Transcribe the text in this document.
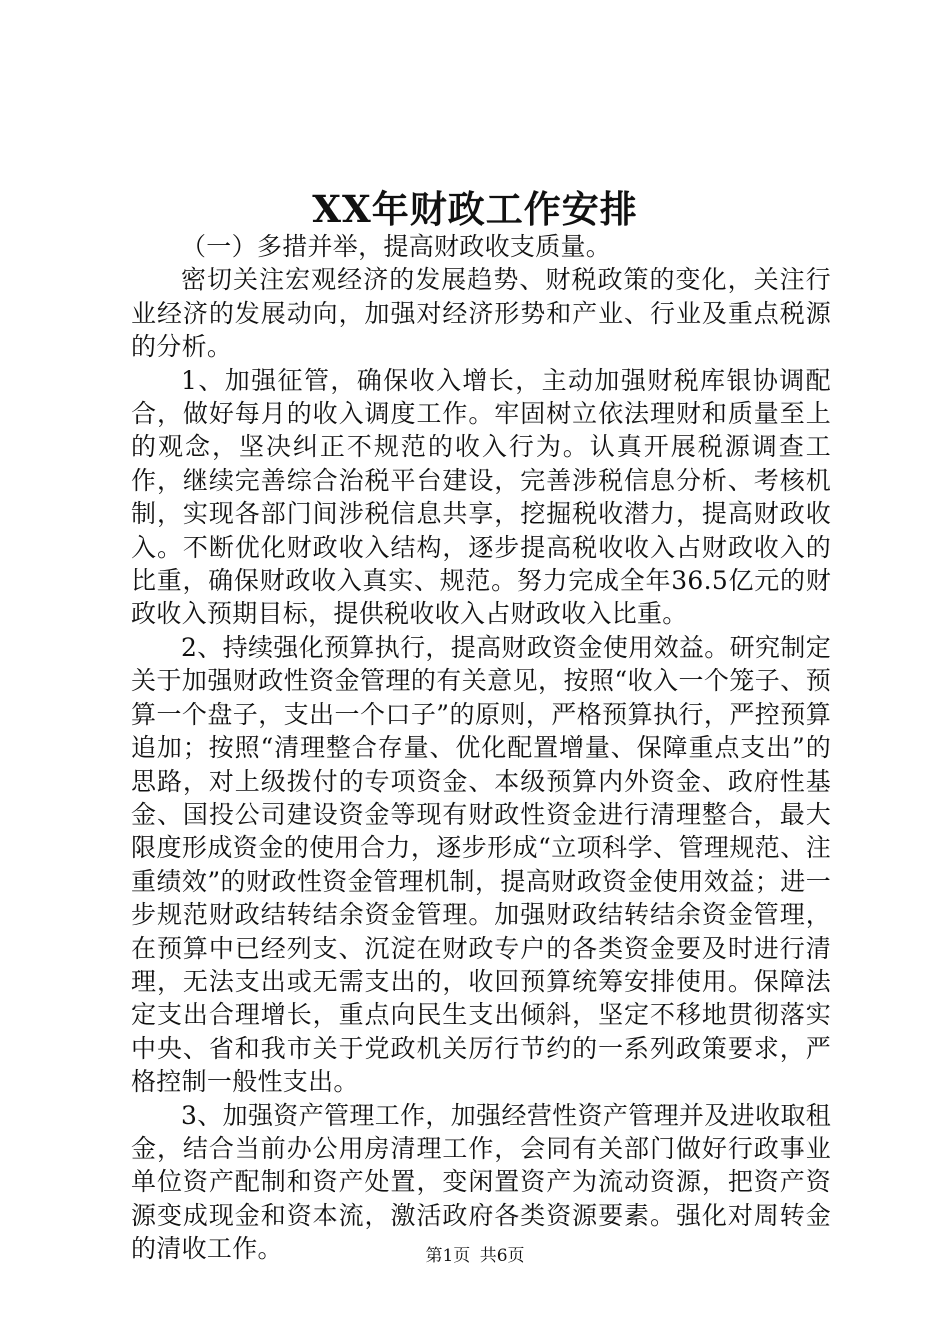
XX年财政工作安排

（一）多措并举，提高财政收支质量。

密切关注宏观经济的发展趋势、财税政策的变化，关注行业经济的发展动向，加强对经济形势和产业、行业及重点税源的分析。

1、加强征管，确保收入增长，主动加强财税库银协调配合，做好每月的收入调度工作。牢固树立依法理财和质量至上的观念，坚决纠正不规范的收入行为。认真开展税源调查工作，继续完善综合治税平台建设，完善涉税信息分析、考核机制，实现各部门间涉税信息共享，挖掘税收潜力，提高财政收入。不断优化财政收入结构，逐步提高税收收入占财政收入的比重，确保财政收入真实、规范。努力完成全年36.5亿元的财政收入预期目标，提供税收收入占财政收入比重。

2、持续强化预算执行，提高财政资金使用效益。研究制定关于加强财政性资金管理的有关意见，按照“收入一个笼子、预算一个盘子，支出一个口子”的原则，严格预算执行，严控预算追加；按照“清理整合存量、优化配置增量、保障重点支出”的思路，对上级拨付的专项资金、本级预算内外资金、政府性基金、国投公司建设资金等现有财政性资金进行清理整合，最大限度形成资金的使用合力，逐步形成“立项科学、管理规范、注重绩效”的财政性资金管理机制，提高财政资金使用效益；进一步规范财政结转结余资金管理。加强财政结转结余资金管理，在预算中已经列支、沉淀在财政专户的各类资金要及时进行清理，无法支出或无需支出的，收回预算统筹安排使用。保障法定支出合理增长，重点向民生支出倾斜，坚定不移地贯彻落实中央、省和我市关于党政机关厉行节约的一系列政策要求，严格控制一般性支出。

3、加强资产管理工作，加强经营性资产管理并及进收取租金，结合当前办公用房清理工作，会同有关部门做好行政事业单位资产配制和资产处置，变闲置资产为流动资源，把资产资源变成现金和资本流，激活政府各类资源要素。强化对周转金的清收工作。	第1页 共6页
